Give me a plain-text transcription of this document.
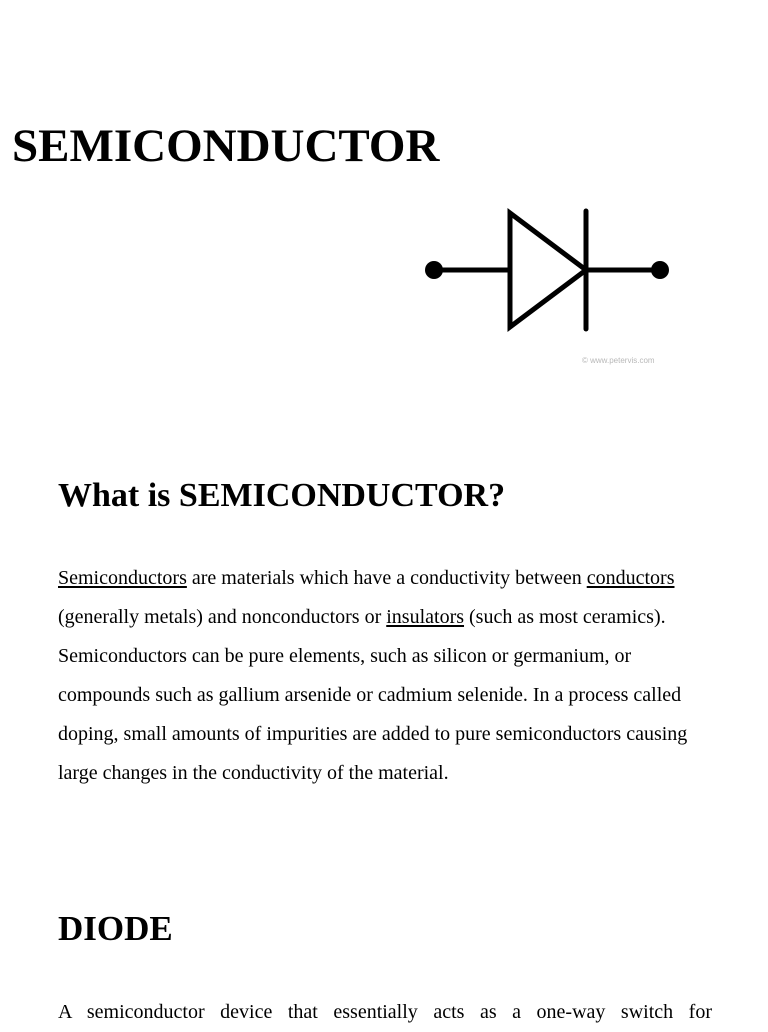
SEMICONDUCTOR
© www.petervis.com
What is SEMICONDUCTOR?

Semiconductors are materials which have a conductivity between conductors (generally metals) and nonconductors or insulators (such as most ceramics). Semiconductors can be pure elements, such as silicon or germanium, or compounds such as gallium arsenide or cadmium selenide. In a process called doping, small amounts of impurities are added to pure semiconductors causing large changes in the conductivity of the material.

DIODE

A semiconductor device that essentially acts as a one-way switch for
